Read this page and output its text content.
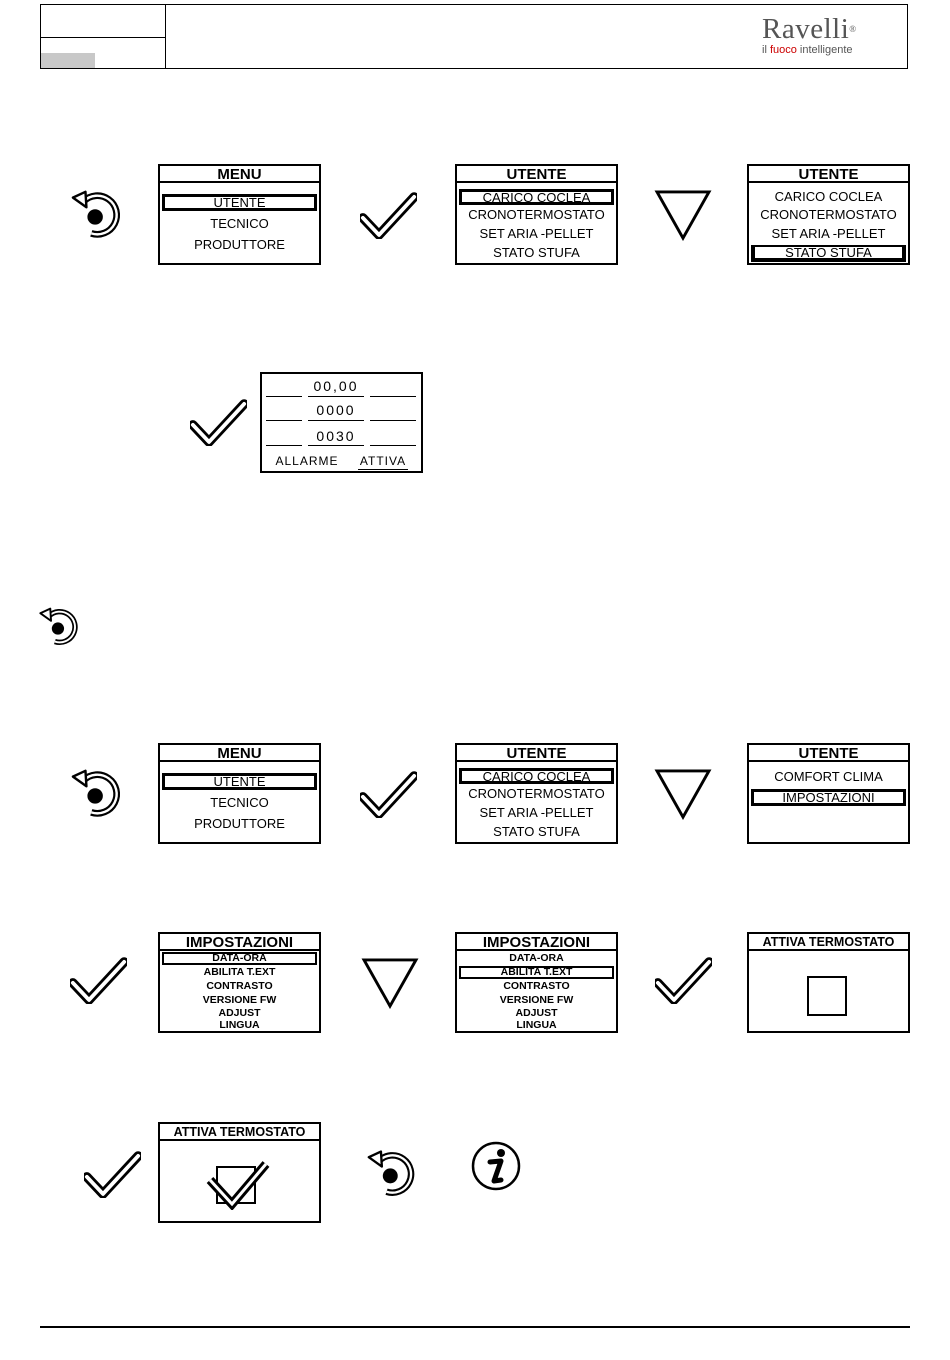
Ravelli®
il fuoco intelligente
MENU
UTENTE
TECNICO
PRODUTTORE
UTENTE
CARICO COCLEA
CRONOTERMOSTATO
SET ARIA -PELLET
STATO STUFA
UTENTE
CARICO COCLEA
CRONOTERMOSTATO
SET ARIA -PELLET
STATO STUFA
00,00
0000
0030
ALLARME ATTIVA
MENU
UTENTE
TECNICO
PRODUTTORE
UTENTE
CARICO COCLEA
CRONOTERMOSTATO
SET ARIA -PELLET
STATO STUFA
UTENTE
COMFORT CLIMA
IMPOSTAZIONI
IMPOSTAZIONI
DATA-ORA
ABILITA T.EXT
CONTRASTO
VERSIONE FW
ADJUST
LINGUA
IMPOSTAZIONI
DATA-ORA
ABILITA T.EXT
CONTRASTO
VERSIONE FW
ADJUST
LINGUA
ATTIVA TERMOSTATO
ATTIVA TERMOSTATO
